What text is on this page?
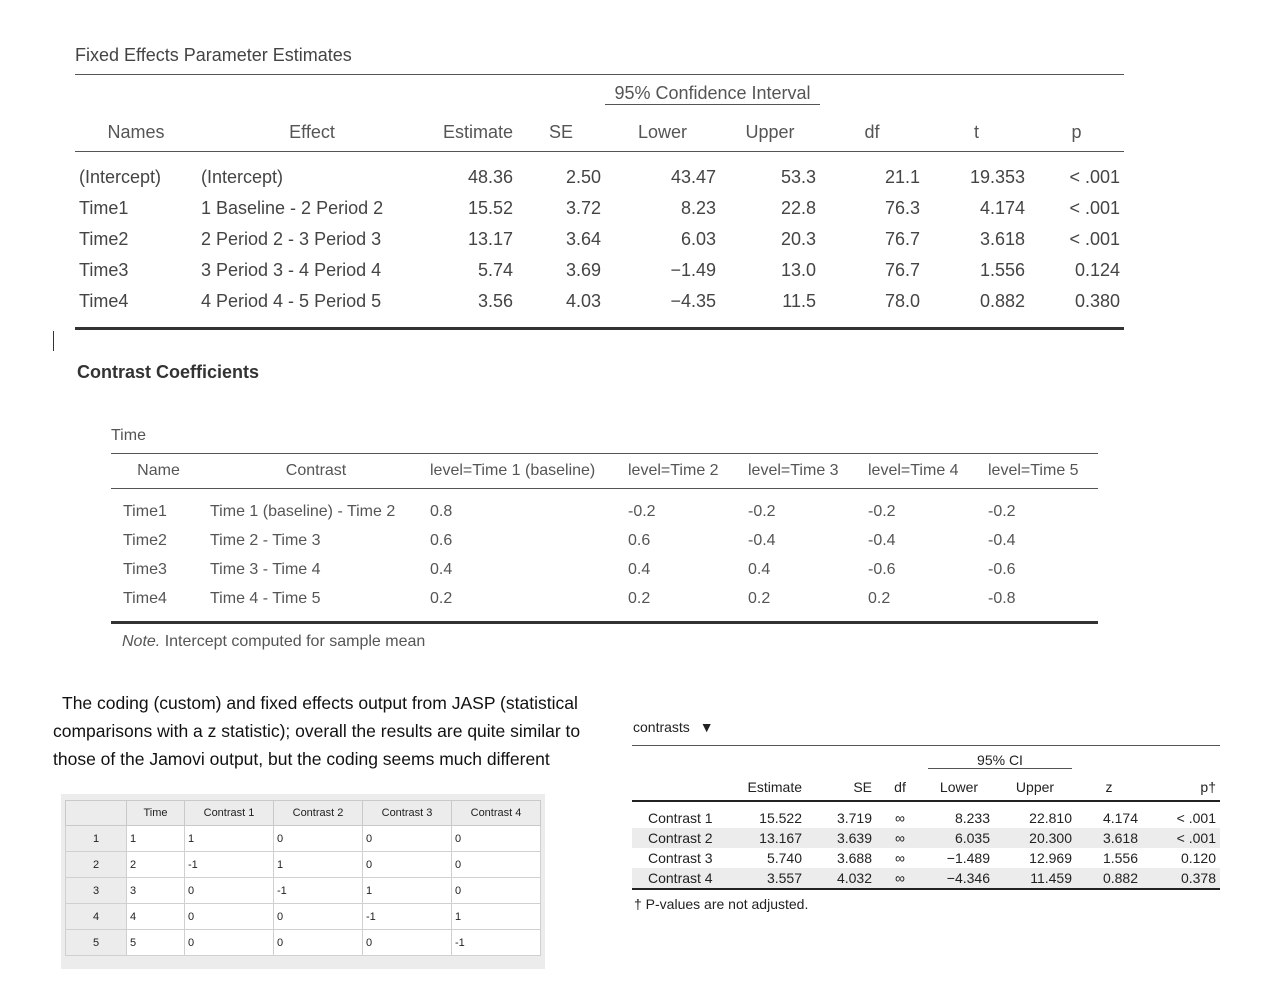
Fixed Effects Parameter Estimates

				95% Confidence Interval				

Names	Effect	Estimate	SE	Lower	Upper	df	t	p
(Intercept)	(Intercept)	48.36	2.50	43.47	53.3	21.1	19.353	< .001
Time1	1 Baseline - 2 Period 2	15.52	3.72	8.23	22.8	76.3	4.174	< .001
Time2	2 Period 2 - 3 Period 3	13.17	3.64	6.03	20.3	76.7	3.618	< .001
Time3	3 Period 3 - 4 Period 4	5.74	3.69	−1.49	13.0	76.7	1.556	0.124
Time4	4 Period 4 - 5 Period 5	3.56	4.03	−4.35	11.5	78.0	0.882	0.380
Contrast Coefficients
Time
Name	Contrast	level=Time 1 (baseline)	level=Time 2	level=Time 3	level=Time 4	level=Time 5
Time1	Time 1 (baseline) - Time 2	0.8	-0.2	-0.2	-0.2	-0.2
Time2	Time 2 - Time 3	0.6	0.6	-0.4	-0.4	-0.4
Time3	Time 3 - Time 4	0.4	0.4	0.4	-0.6	-0.6
Time4	Time 4 - Time 5	0.2	0.2	0.2	0.2	-0.8
Note. Intercept computed for sample mean
The coding (custom) and fixed effects output from JASP (statistical comparisons with a z statistic); overall the results are quite similar to those of the Jamovi output, but the coding seems much different
	Time	Contrast 1	Contrast 2	Contrast 3	Contrast 4
1	1	1	0	0	0
2	2	-1	1	0	0
3	3	0	-1	1	0
4	4	0	0	-1	1
5	5	0	0	0	-1
contrasts ▼

				95% CI			

	Estimate	SE	df	Lower	Upper	z	p†
Contrast 1	15.522	3.719	∞	8.233	22.810	4.174	< .001
Contrast 2	13.167	3.639	∞	6.035	20.300	3.618	< .001
Contrast 3	5.740	3.688	∞	−1.489	12.969	1.556	0.120
Contrast 4	3.557	4.032	∞	−4.346	11.459	0.882	0.378
† P-values are not adjusted.
